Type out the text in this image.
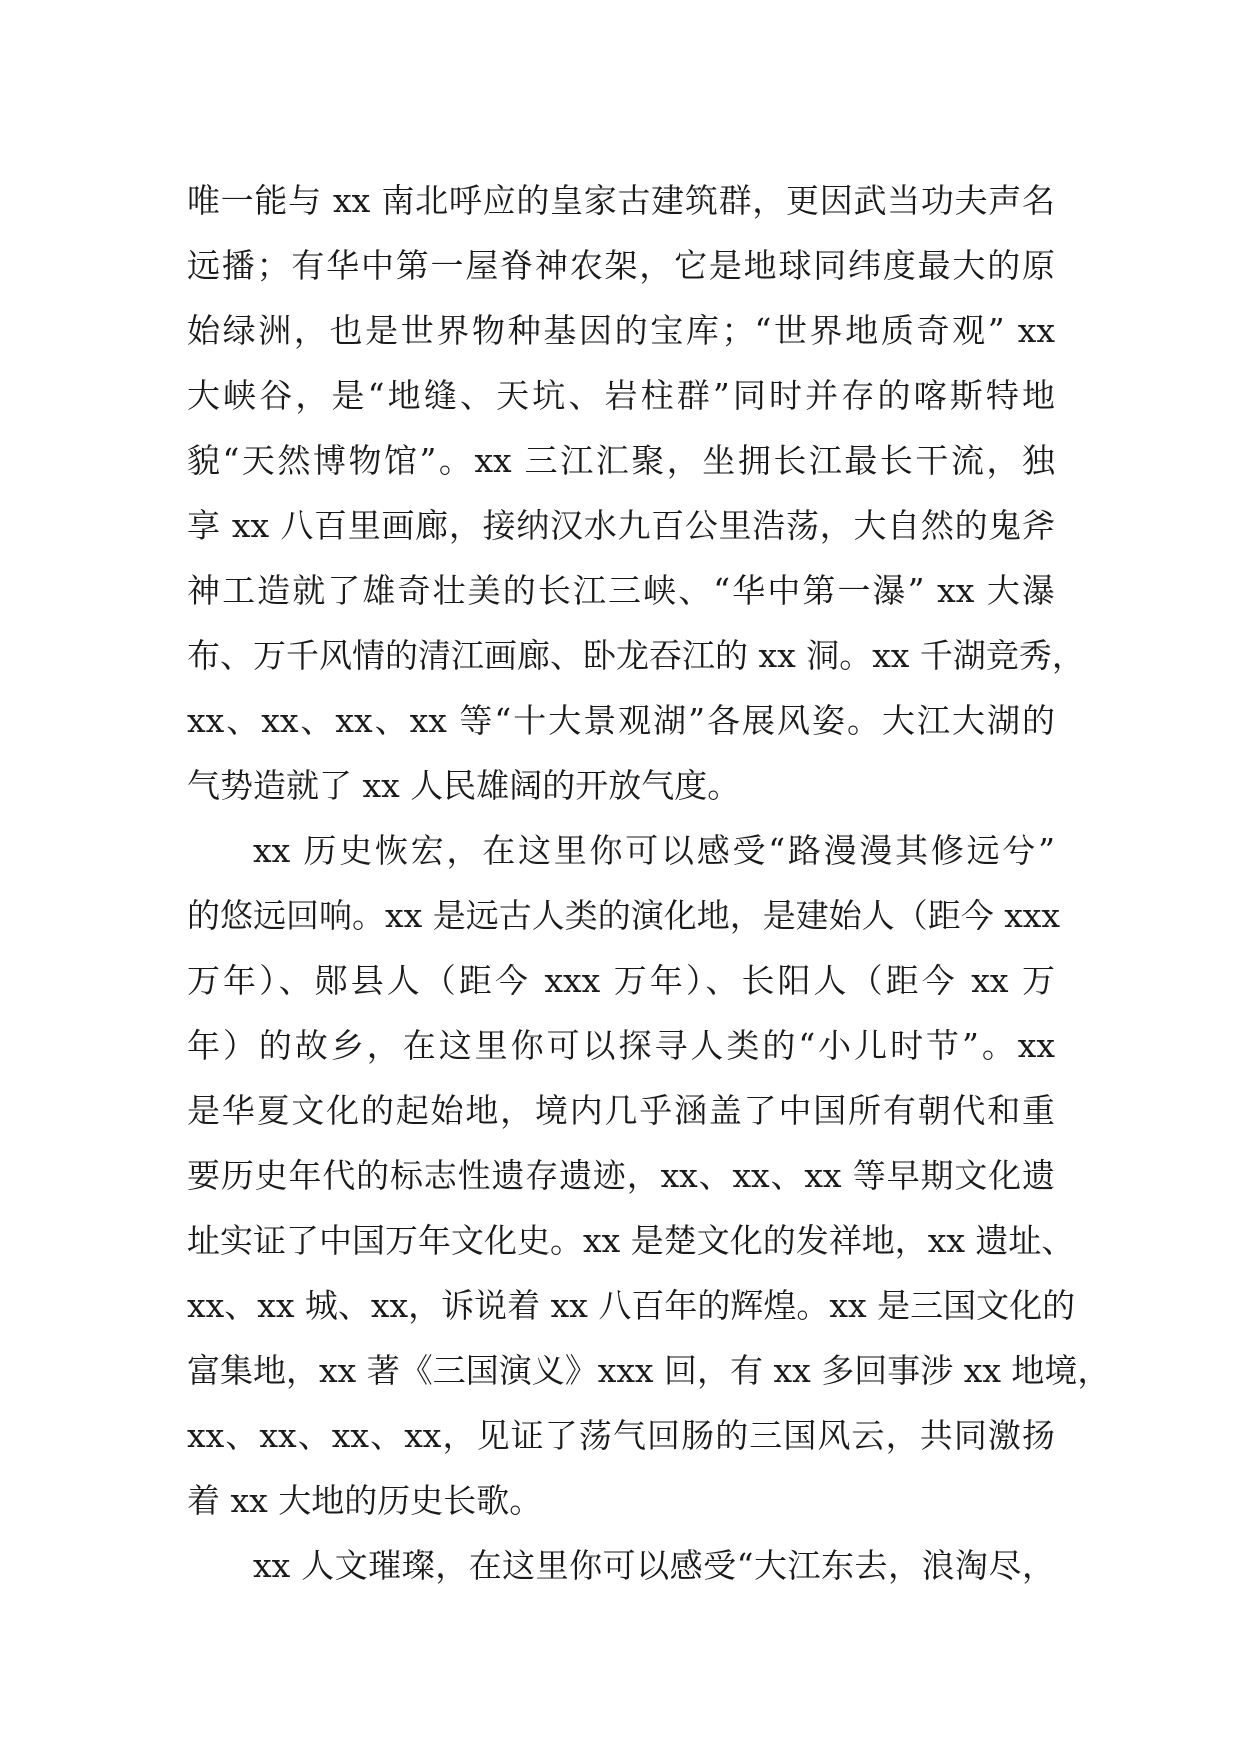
唯一能与 xx 南北呼应的皇家古建筑群，更因武当功夫声名
远播；有华中第一屋脊神农架，它是地球同纬度最大的原
始绿洲，也是世界物种基因的宝库；“世界地质奇观” xx
大峡谷，是“地缝、天坑、岩柱群”同时并存的喀斯特地
貌“天然博物馆”。xx 三江汇聚，坐拥长江最长干流，独
享 xx 八百里画廊，接纳汉水九百公里浩荡，大自然的鬼斧
神工造就了雄奇壮美的长江三峡、“华中第一瀑” xx 大瀑
布、万千风情的清江画廊、卧龙吞江的 xx 洞。xx 千湖竞秀，
xx、xx、xx、xx 等“十大景观湖”各展风姿。大江大湖的
气势造就了 xx 人民雄阔的开放气度。
xx 历史恢宏，在这里你可以感受“路漫漫其修远兮”
的悠远回响。xx 是远古人类的演化地，是建始人（距今 xxx
万年）、郧县人（距今 xxx 万年）、长阳人（距今 xx 万
年）的故乡，在这里你可以探寻人类的“小儿时节”。xx
是华夏文化的起始地，境内几乎涵盖了中国所有朝代和重
要历史年代的标志性遗存遗迹，xx、xx、xx 等早期文化遗
址实证了中国万年文化史。xx 是楚文化的发祥地，xx 遗址、
xx、xx 城、xx，诉说着 xx 八百年的辉煌。xx 是三国文化的
富集地，xx 著《三国演义》xxx 回，有 xx 多回事涉 xx 地境，
xx、xx、xx、xx，见证了荡气回肠的三国风云，共同激扬
着 xx 大地的历史长歌。
xx 人文璀璨，在这里你可以感受“大江东去，浪淘尽，
